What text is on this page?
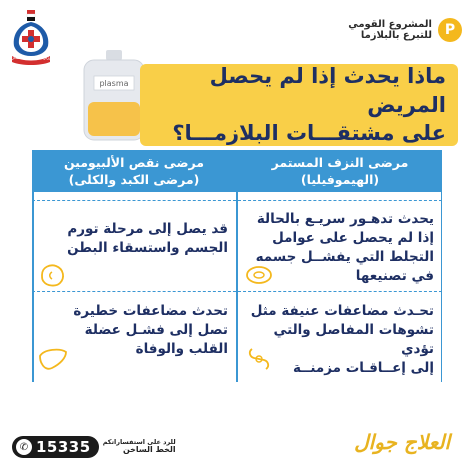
وزارة الصحة والسكان
P
المشروع القومي
للتبرع بالبلازما
plasma	ماذا يحدث إذا لم يحصل المريض
على مشتقـــات البلازمـــا؟
مرضى النزف المستمر
(الهيموفيليا)
مرضى نقص الألبيومين
(مرضى الكبد والكلى)
يحدث تدهـور سريـع بالحالة
إذا لم يحصل على عوامل
التجلط التي يفشــل جسمه
في تصنيعها
قد يصل إلى مرحلة تورم
الجسم واستسقاء البطن
تحـدث مضاعفات عنيفة مثل
تشوهات المفاصل والتي تؤدي
إلى إعــاقـات مزمنــة
تحدث مضاعفات خطيرة
تصل إلى فشـل عضلة
القلب والوفاة
✆ 15335 للرد على استفساراتكم
الخط الساخن	العلاج جوال
